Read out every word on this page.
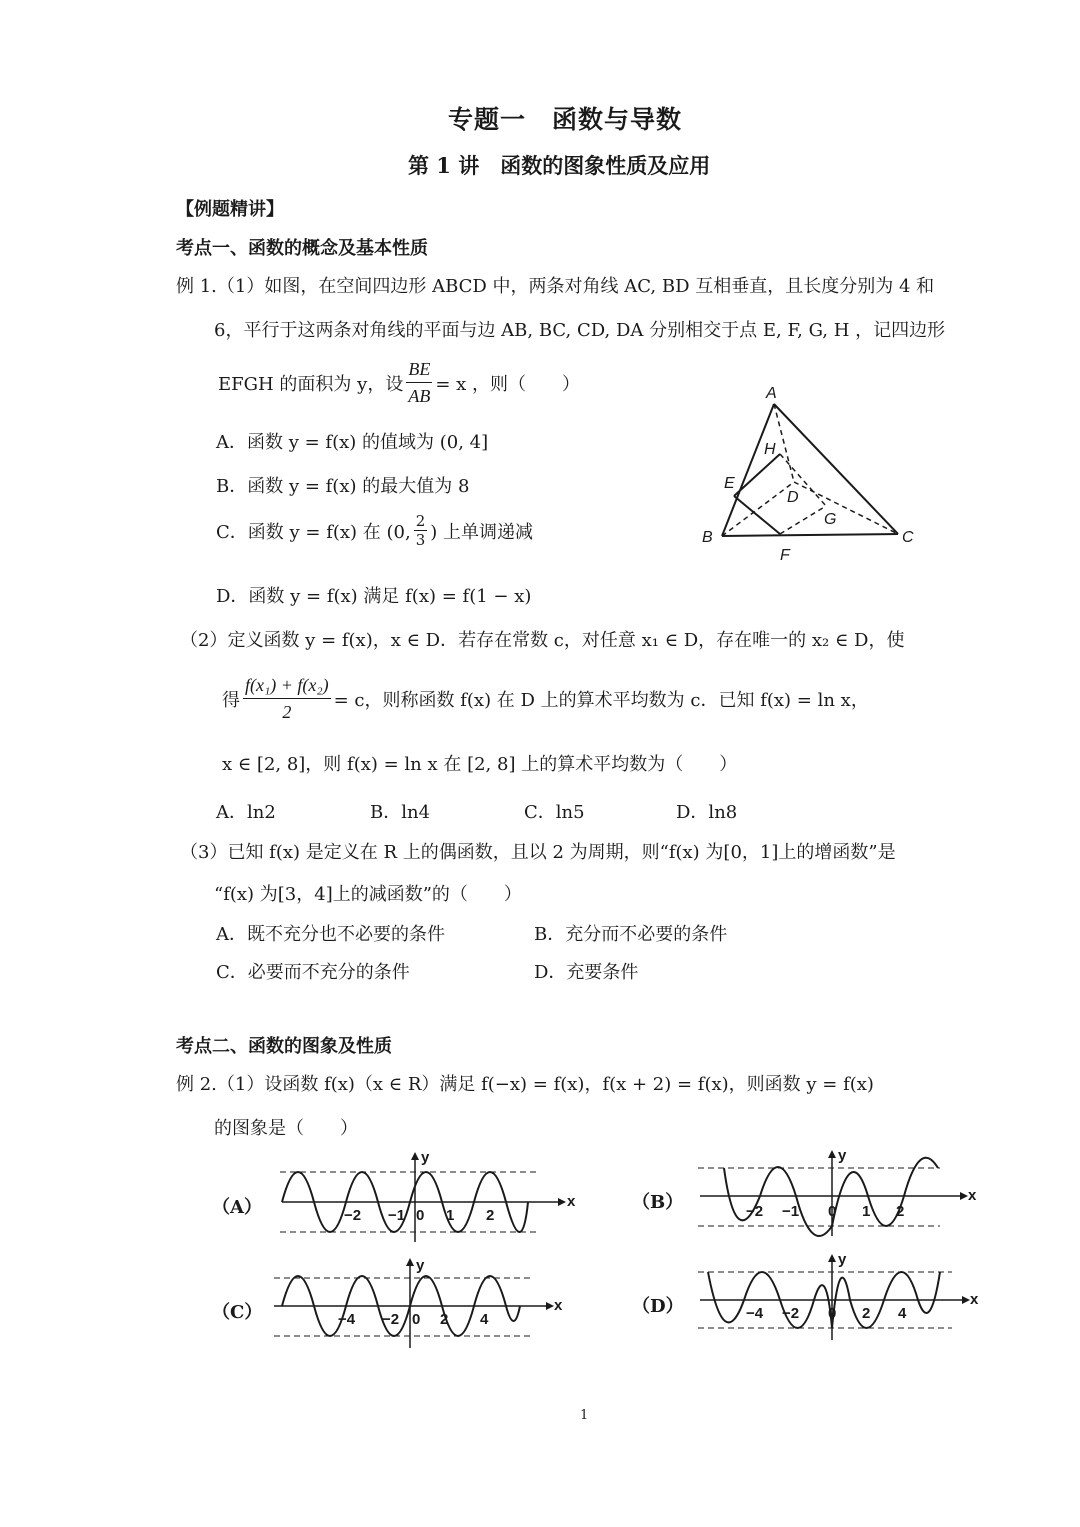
专题一　函数与导数
第 1 讲　函数的图象性质及应用
【例题精讲】
考点一、函数的概念及基本性质
例 1.（1）如图，在空间四边形 ABCD 中，两条对角线 AC, BD 互相垂直，且长度分别为 4 和
6，平行于这两条对角线的平面与边 AB, BC, CD, DA 分别相交于点 E, F, G, H ，记四边形
EFGH 的面积为 y，设 $\frac{BE}{AB} = x$ ，则（　　）
A．函数 y = f(x) 的值域为 (0, 4]
B．函数 y = f(x) 的最大值为 8
C．函数 y = f(x) 在 (0, $\frac{2}{3}$ ) 上单调递减
D．函数 y = f(x) 满足 f(x) = f(1 − x)
A
B	C
D
E
F
G
H
（2）定义函数 y = f(x)，x ∈ D．若存在常数 c，对任意 x₁ ∈ D，存在唯一的 x₂ ∈ D，使
得 $\frac{\text{f(x₁) + f(x₂)}}{2} = c$，则称函数 f(x) 在 D 上的算术平均数为 c．已知 f(x) = ln x，
x ∈ [2, 8]，则 f(x) = ln x 在 [2, 8] 上的算术平均数为（　　）
A．ln2	B．ln4	C．ln5	D．ln8
（3）已知 f(x) 是定义在 R 上的偶函数，且以 2 为周期，则“f(x) 为[0，1]上的增函数”是
“f(x) 为[3，4]上的减函数”的（　　）
A．既不充分也不必要的条件	B．充分而不必要的条件
C．必要而不充分的条件	D．充要条件
考点二、函数的图象及性质
例 2.（1）设函数 f(x)（x ∈ R）满足 f(−x) = f(x)，f(x + 2) = f(x)，则函数 y = f(x)
的图象是（　　）
（A）	（B）
（C）	（D）
x
y
−2 −1 0 1 2
x
y
−2 −1 0 1 2
x
y
−4 −2 0 2 4
x
y
−4 −2 0 2 4
1
